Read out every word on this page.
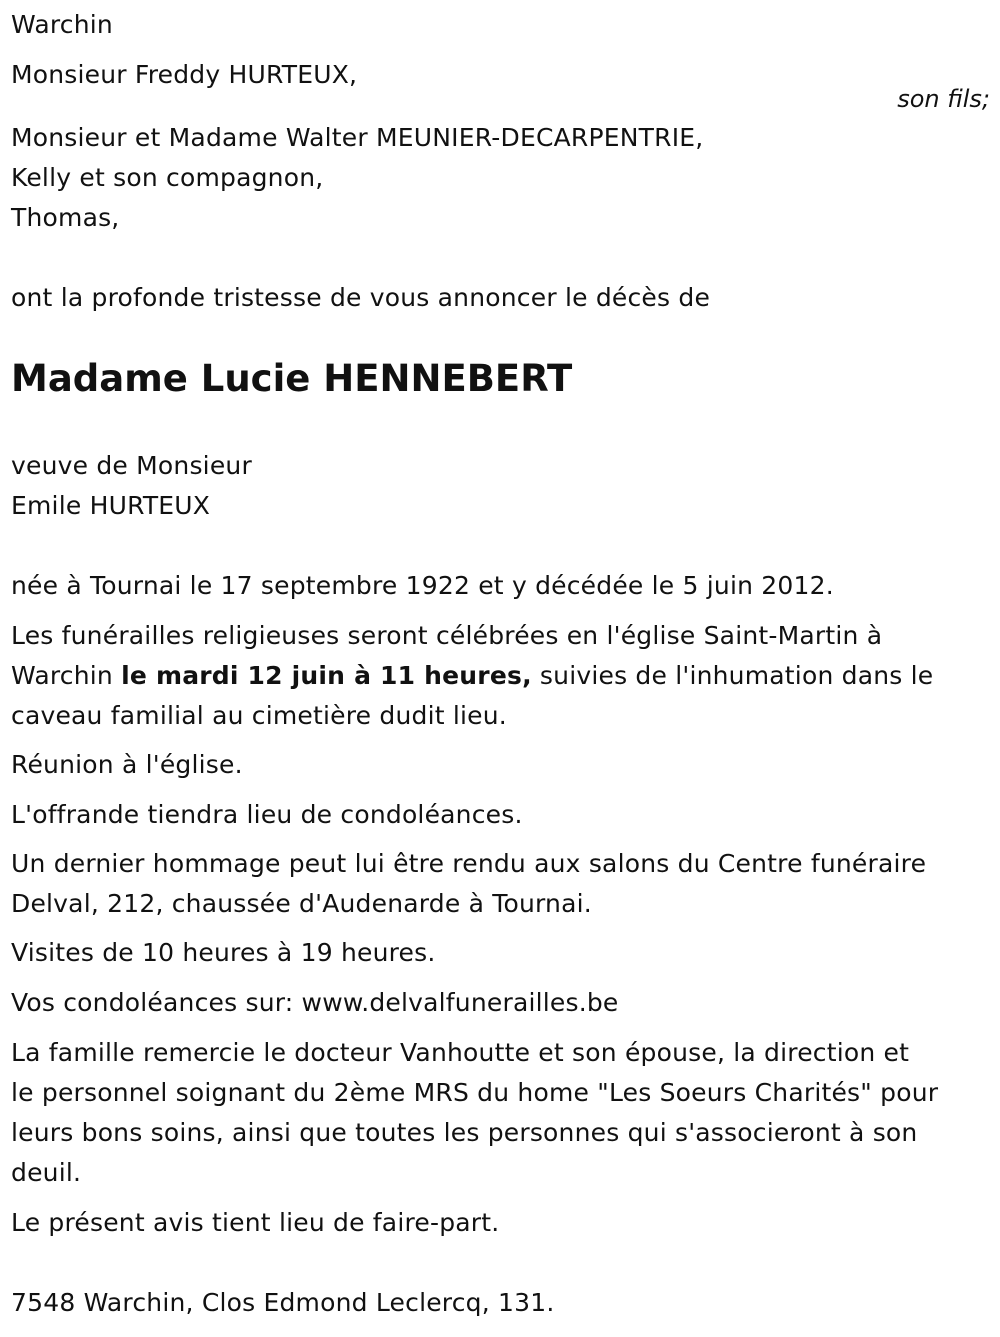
Warchin
Monsieur Freddy HURTEUX,
son fils;
Monsieur et Madame Walter MEUNIER-DECARPENTRIE,
Kelly et son compagnon,
Thomas,
ont la profonde tristesse de vous annoncer le décès de
Madame Lucie HENNEBERT
veuve de Monsieur
Emile HURTEUX
née à Tournai le 17 septembre 1922 et y décédée le 5 juin 2012.
Les funérailles religieuses seront célébrées en l'église Saint-Martin à
Warchin le mardi 12 juin à 11 heures, suivies de l'inhumation dans le
caveau familial au cimetière dudit lieu.
Réunion à l'église.
L'offrande tiendra lieu de condoléances.
Un dernier hommage peut lui être rendu aux salons du Centre funéraire
Delval, 212, chaussée d'Audenarde à Tournai.
Visites de 10 heures à 19 heures.
Vos condoléances sur: www.delvalfunerailles.be
La famille remercie le docteur Vanhoutte et son épouse, la direction et
le personnel soignant du 2ème MRS du home "Les Soeurs Charités" pour
leurs bons soins, ainsi que toutes les personnes qui s'associeront à son
deuil.
Le présent avis tient lieu de faire-part.
7548 Warchin, Clos Edmond Leclercq, 131.
